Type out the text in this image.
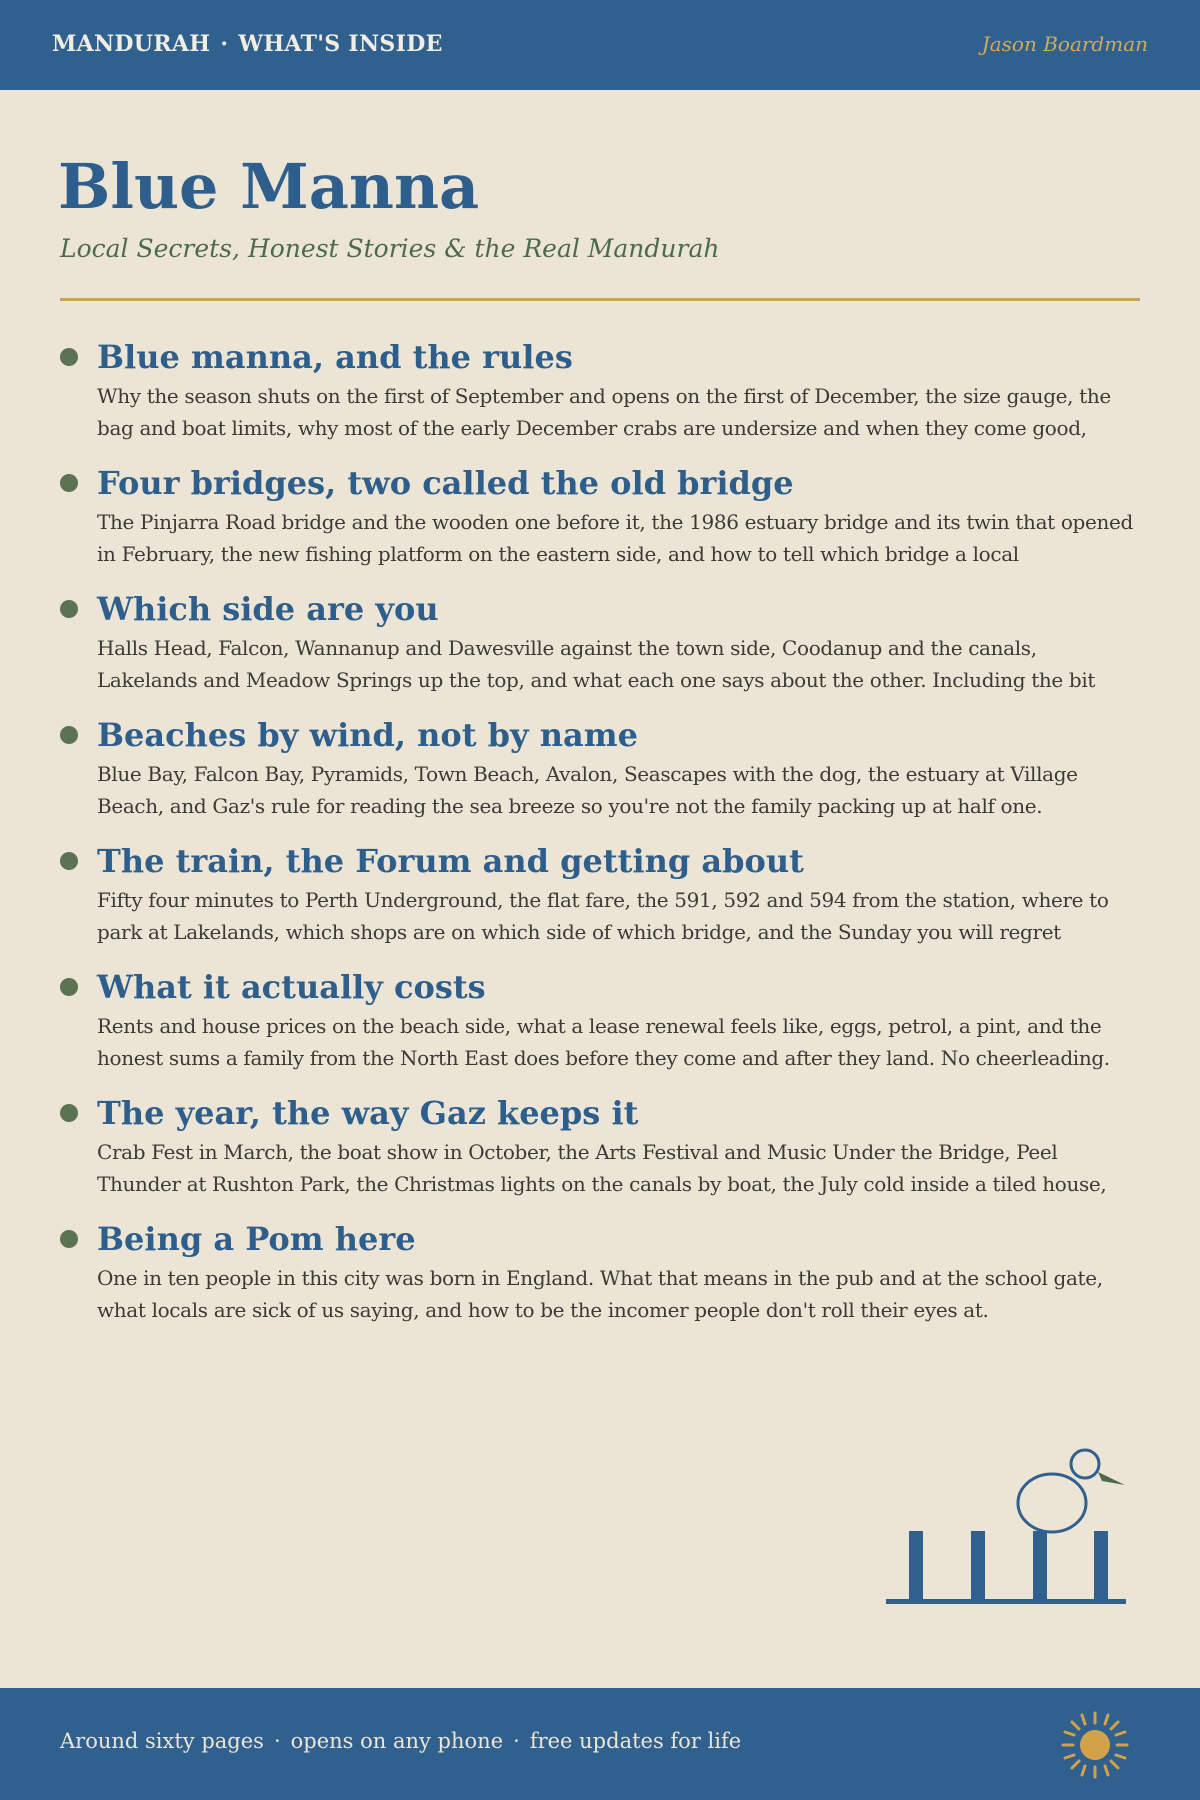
MANDURAH · WHAT'S INSIDE	Jason Boardman
Blue Manna

Local Secrets, Honest Stories & the Real Mandurah

Blue manna, and the rules

Why the season shuts on the first of September and opens on the first of December, the size gauge, the bag and boat limits, why most of the early December crabs are undersize and when they come good,

Four bridges, two called the old bridge

The Pinjarra Road bridge and the wooden one before it, the 1986 estuary bridge and its twin that opened in February, the new fishing platform on the eastern side, and how to tell which bridge a local

Which side are you

Halls Head, Falcon, Wannanup and Dawesville against the town side, Coodanup and the canals, Lakelands and Meadow Springs up the top, and what each one says about the other. Including the bit

Beaches by wind, not by name

Blue Bay, Falcon Bay, Pyramids, Town Beach, Avalon, Seascapes with the dog, the estuary at Village Beach, and Gaz's rule for reading the sea breeze so you're not the family packing up at half one.

The train, the Forum and getting about

Fifty four minutes to Perth Underground, the flat fare, the 591, 592 and 594 from the station, where to park at Lakelands, which shops are on which side of which bridge, and the Sunday you will regret

What it actually costs

Rents and house prices on the beach side, what a lease renewal feels like, eggs, petrol, a pint, and the honest sums a family from the North East does before they come and after they land. No cheerleading.

The year, the way Gaz keeps it

Crab Fest in March, the boat show in October, the Arts Festival and Music Under the Bridge, Peel Thunder at Rushton Park, the Christmas lights on the canals by boat, the July cold inside a tiled house,

Being a Pom here

One in ten people in this city was born in England. What that means in the pub and at the school gate, what locals are sick of us saying, and how to be the incomer people don't roll their eyes at.

Around sixty pages · opens on any phone · free updates for life
